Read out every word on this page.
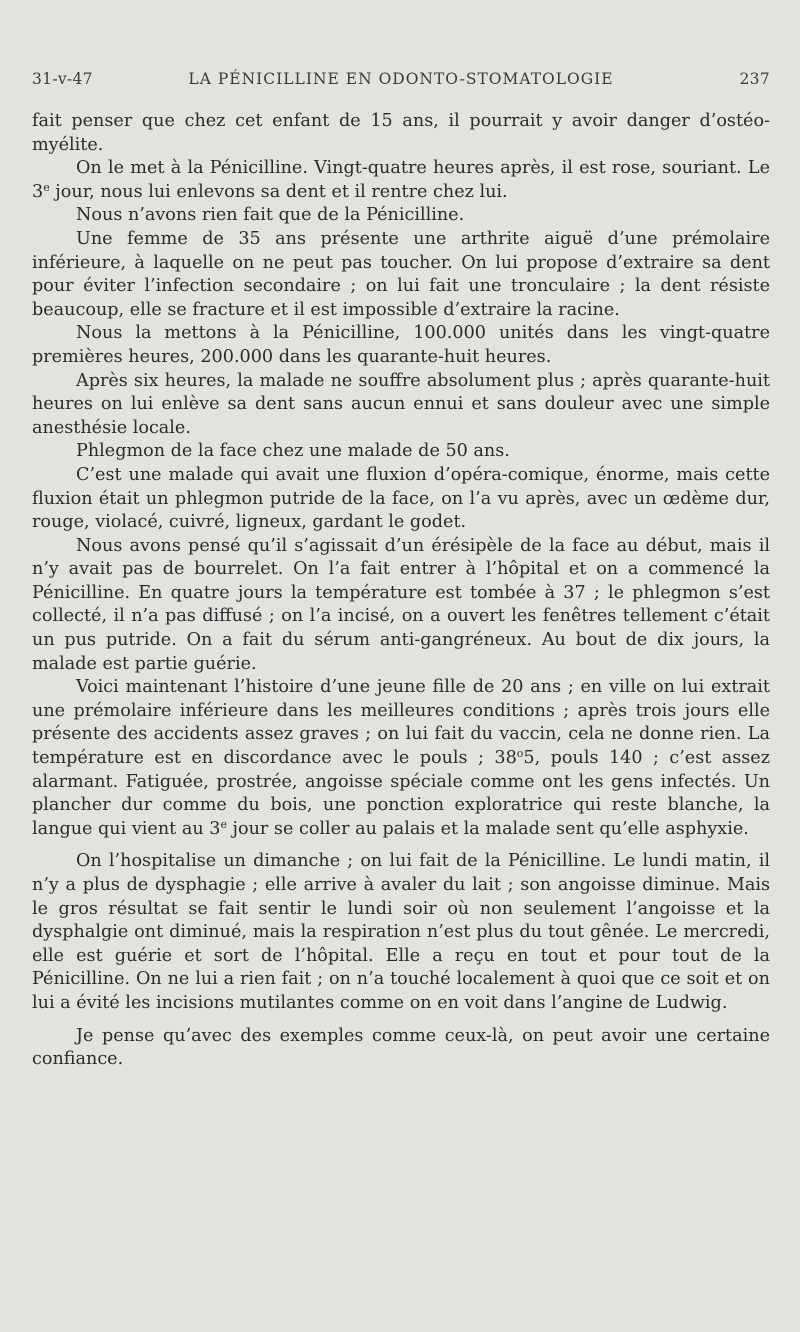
31-v-47	LA PÉNICILLINE EN ODONTO-STOMATOLOGIE	237

fait penser que chez cet enfant de 15 ans, il pourrait y avoir danger d’ostéo-myélite.

On le met à la Pénicilline. Vingt-quatre heures après, il est rose, souriant. Le 3e jour, nous lui enlevons sa dent et il rentre chez lui.

Nous n’avons rien fait que de la Pénicilline.

Une femme de 35 ans présente une arthrite aiguë d’une prémolaire inférieure, à laquelle on ne peut pas toucher. On lui propose d’extraire sa dent pour éviter l’infection secondaire ; on lui fait une tronculaire ; la dent résiste beaucoup, elle se fracture et il est impossible d’extraire la racine.

Nous la mettons à la Pénicilline, 100.000 unités dans les vingt-quatre premières heures, 200.000 dans les quarante-huit heures.

Après six heures, la malade ne souffre absolument plus ; après quarante-huit heures on lui enlève sa dent sans aucun ennui et sans douleur avec une simple anesthésie locale.

Phlegmon de la face chez une malade de 50 ans.

C’est une malade qui avait une fluxion d’opéra-comique, énorme, mais cette fluxion était un phlegmon putride de la face, on l’a vu après, avec un œdème dur, rouge, violacé, cuivré, ligneux, gardant le godet.

Nous avons pensé qu’il s’agissait d’un érésipèle de la face au début, mais il n’y avait pas de bourrelet. On l’a fait entrer à l’hôpital et on a commencé la Pénicilline. En quatre jours la température est tombée à 37 ; le phlegmon s’est collecté, il n’a pas diffusé ; on l’a incisé, on a ouvert les fenêtres tellement c’était un pus putride. On a fait du sérum anti-gangréneux. Au bout de dix jours, la malade est partie guérie.

Voici maintenant l’histoire d’une jeune fille de 20 ans ; en ville on lui extrait une prémolaire inférieure dans les meilleures conditions ; après trois jours elle présente des accidents assez graves ; on lui fait du vaccin, cela ne donne rien. La température est en discordance avec le pouls ; 38$^o$5, pouls 140 ; c’est assez alarmant. Fatiguée, prostrée, angoisse spéciale comme ont les gens infectés. Un plancher dur comme du bois, une ponction exploratrice qui reste blanche, la langue qui vient au 3e jour se coller au palais et la malade sent qu’elle asphyxie.

On l’hospitalise un dimanche ; on lui fait de la Pénicilline. Le lundi matin, il n’y a plus de dysphagie ; elle arrive à avaler du lait ; son angoisse diminue. Mais le gros résultat se fait sentir le lundi soir où non seulement l’angoisse et la dysphalgie ont diminué, mais la respiration n’est plus du tout gênée. Le mercredi, elle est guérie et sort de l’hôpital. Elle a reçu en tout et pour tout de la Pénicilline. On ne lui a rien fait ; on n’a touché localement à quoi que ce soit et on lui a évité les incisions mutilantes comme on en voit dans l’angine de Ludwig.

Je pense qu’avec des exemples comme ceux-là, on peut avoir une certaine confiance.
